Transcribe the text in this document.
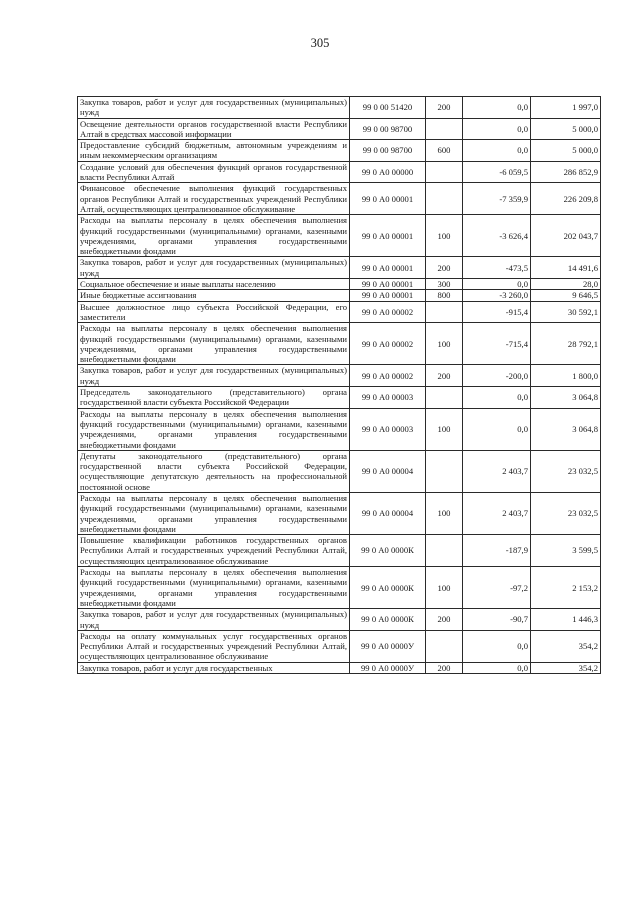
305
Закупка товаров, работ и услуг для государственных (муниципальных) нужд	99 0 00 51420	200	0,0	1 997,0
Освещение деятельности органов государственной власти Республики Алтай в средствах массовой информации	99 0 00 98700		0,0	5 000,0
Предоставление субсидий бюджетным, автономным учреждениям и иным некоммерческим организациям	99 0 00 98700	600	0,0	5 000,0
Создание условий для обеспечения функций органов государственной власти Республики Алтай	99 0 А0 00000		-6 059,5	286 852,9
Финансовое обеспечение выполнения функций государственных органов Республики Алтай и государственных учреждений Республики Алтай, осуществляющих централизованное обслуживание	99 0 А0 00001		-7 359,9	226 209,8
Расходы на выплаты персоналу в целях обеспечения выполнения функций государственными (муниципальными) органами, казенными учреждениями, органами управления государственными внебюджетными фондами	99 0 А0 00001	100	-3 626,4	202 043,7
Закупка товаров, работ и услуг для государственных (муниципальных) нужд	99 0 А0 00001	200	-473,5	14 491,6
Социальное обеспечение и иные выплаты населению	99 0 А0 00001	300	0,0	28,0
Иные бюджетные ассигнования	99 0 А0 00001	800	-3 260,0	9 646,5
Высшее должностное лицо субъекта Российской Федерации, его заместители	99 0 А0 00002		-915,4	30 592,1
Расходы на выплаты персоналу в целях обеспечения выполнения функций государственными (муниципальными) органами, казенными учреждениями, органами управления государственными внебюджетными фондами	99 0 А0 00002	100	-715,4	28 792,1
Закупка товаров, работ и услуг для государственных (муниципальных) нужд	99 0 А0 00002	200	-200,0	1 800,0
Председатель законодательного (представительного) органа государственной власти субъекта Российской Федерации	99 0 А0 00003		0,0	3 064,8
Расходы на выплаты персоналу в целях обеспечения выполнения функций государственными (муниципальными) органами, казенными учреждениями, органами управления государственными внебюджетными фондами	99 0 А0 00003	100	0,0	3 064,8
Депутаты законодательного (представительного) органа государственной власти субъекта Российской Федерации, осуществляющие депутатскую деятельность на профессиональной постоянной основе	99 0 А0 00004		2 403,7	23 032,5
Расходы на выплаты персоналу в целях обеспечения выполнения функций государственными (муниципальными) органами, казенными учреждениями, органами управления государственными внебюджетными фондами	99 0 А0 00004	100	2 403,7	23 032,5
Повышение квалификации работников государственных органов Республики Алтай и государственных учреждений Республики Алтай, осуществляющих централизованное обслуживание	99 0 А0 0000К		-187,9	3 599,5
Расходы на выплаты персоналу в целях обеспечения выполнения функций государственными (муниципальными) органами, казенными учреждениями, органами управления государственными внебюджетными фондами	99 0 А0 0000К	100	-97,2	2 153,2
Закупка товаров, работ и услуг для государственных (муниципальных) нужд	99 0 А0 0000К	200	-90,7	1 446,3
Расходы на оплату коммунальных услуг государственных органов Республики Алтай и государственных учреждений Республики Алтай, осуществляющих централизованное обслуживание	99 0 А0 0000У		0,0	354,2
Закупка товаров, работ и услуг для государственных	99 0 А0 0000У	200	0,0	354,2
